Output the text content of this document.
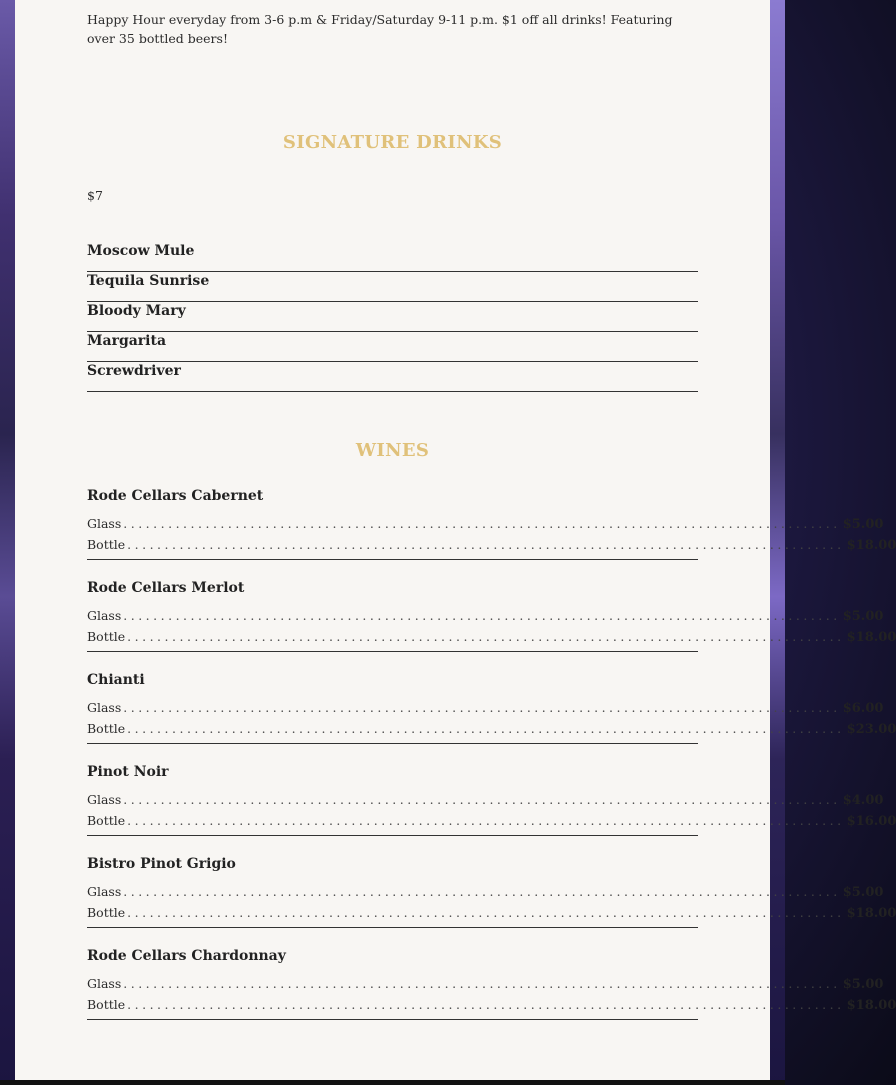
Happy Hour everyday from 3-6 p.m & Friday/Saturday 9-11 p.m. $1 off all drinks! Featuring over 35 bottled beers!

SIGNATURE DRINKS
$7
Moscow Mule
Tequila Sunrise
Bloody Mary
Margarita
Screwdriver
WINES
Rode Cellars Cabernet
Glass ................................................................................................ $5.00
Bottle ................................................................................................ $18.00
Rode Cellars Merlot
Glass ................................................................................................ $5.00
Bottle ................................................................................................ $18.00
Chianti
Glass ................................................................................................ $6.00
Bottle ................................................................................................ $23.00
Pinot Noir
Glass ................................................................................................ $4.00
Bottle ................................................................................................ $16.00
Bistro Pinot Grigio
Glass ................................................................................................ $5.00
Bottle ................................................................................................ $18.00
Rode Cellars Chardonnay
Glass ................................................................................................ $5.00
Bottle ................................................................................................ $18.00
